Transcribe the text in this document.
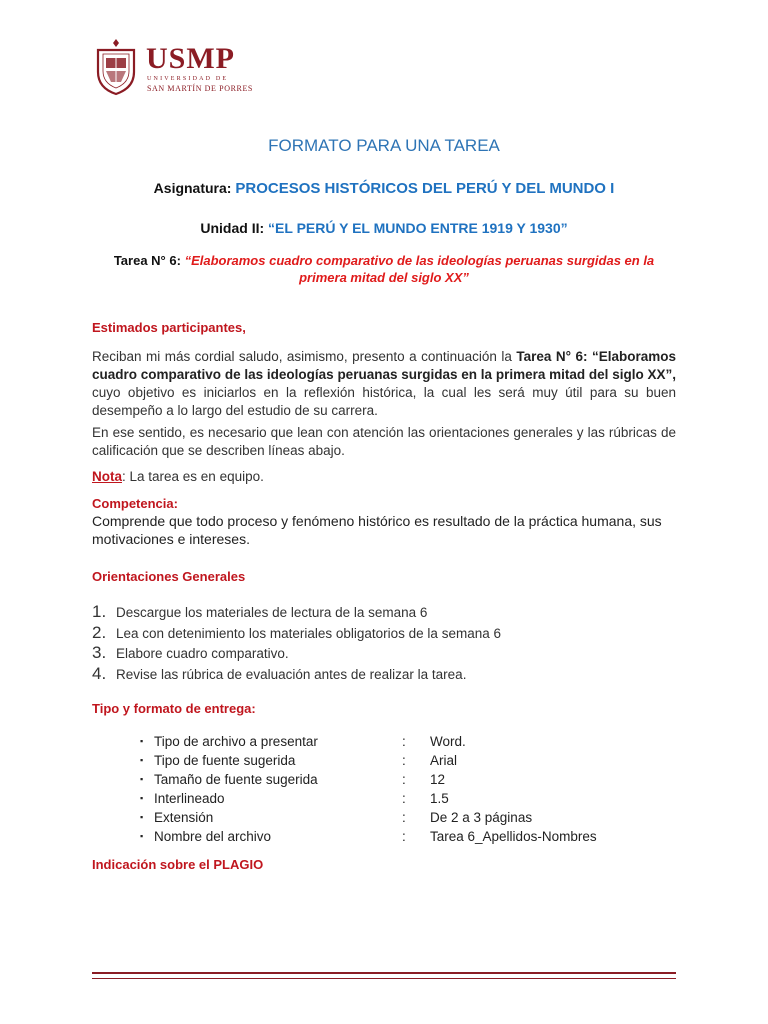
USMP
UNIVERSIDAD DE
SAN MARTÍN DE PORRES
FORMATO PARA UNA TAREA
Asignatura: PROCESOS HISTÓRICOS DEL PERÚ Y DEL MUNDO I
Unidad II: “EL PERÚ Y EL MUNDO ENTRE 1919 Y 1930”
Tarea N° 6: “Elaboramos cuadro comparativo de las ideologías peruanas surgidas en la primera mitad del siglo XX”
Estimados participantes,
Reciban mi más cordial saludo, asimismo, presento a continuación la Tarea N° 6: “Elaboramos cuadro comparativo de las ideologías peruanas surgidas en la primera mitad del siglo XX”, cuyo objetivo es iniciarlos en la reflexión histórica, la cual les será muy útil para su buen desempeño a lo largo del estudio de su carrera.
En ese sentido, es necesario que lean con atención las orientaciones generales y las rúbricas de calificación que se describen líneas abajo.
Nota: La tarea es en equipo.
Competencia:
Comprende que todo proceso y fenómeno histórico es resultado de la práctica humana, sus motivaciones e intereses.
Orientaciones Generales
1. Descargue los materiales de lectura de la semana 6
2. Lea con detenimiento los materiales obligatorios de la semana 6
3. Elabore cuadro comparativo.
4. Revise las rúbrica de evaluación antes de realizar la tarea.
Tipo y formato de entrega:
▪ Tipo de archivo a presentar	: Word.
▪ Tipo de fuente sugerida	: Arial
▪ Tamaño de fuente sugerida	: 12
▪ Interlineado	: 1.5
▪ Extensión	: De 2 a 3 páginas
▪ Nombre del archivo	: Tarea 6_Apellidos-Nombres
Indicación sobre el PLAGIO
